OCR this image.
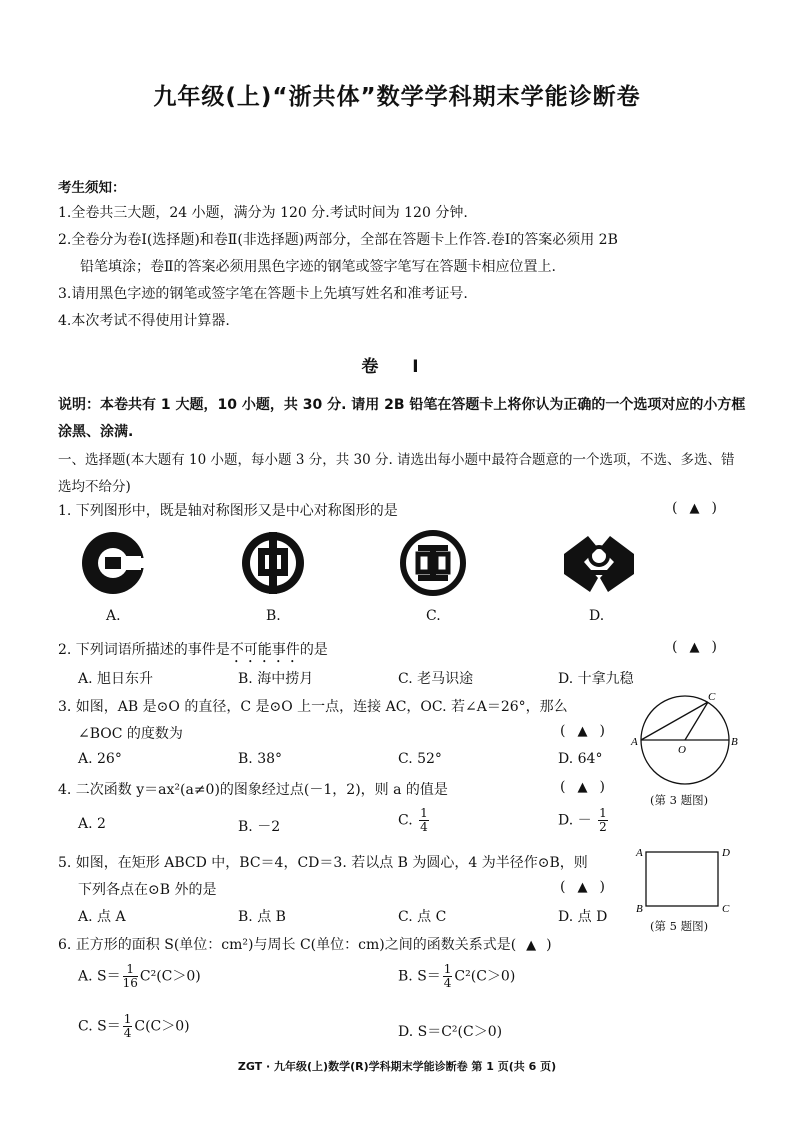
九年级(上)“浙共体”数学学科期末学能诊断卷
考生须知：
1.全卷共三大题，24 小题，满分为 120 分.考试时间为 120 分钟.
2.全卷分为卷Ⅰ(选择题)和卷Ⅱ(非选择题)两部分，全部在答题卡上作答.卷Ⅰ的答案必须用 2B
铅笔填涂；卷Ⅱ的答案必须用黑色字迹的钢笔或签字笔写在答题卡相应位置上.
3.请用黑色字迹的钢笔或签字笔在答题卡上先填写姓名和准考证号.
4.本次考试不得使用计算器.
卷 Ⅰ
说明：本卷共有 1 大题，10 小题，共 30 分. 请用 2B 铅笔在答题卡上将你认为正确的一个选项对应的小方框涂黑、涂满.
一、选择题(本大题有 10 小题，每小题 3 分，共 30 分. 请选出每小题中最符合题意的一个选项，不选、多选、错选均不给分)
1. 下列图形中，既是轴对称图形又是中心对称图形的是	( ▲ )
A.	B.	C.	D.
2. 下列词语所描述的事件是不可能事件的是	( ▲ )
A. 旭日东升	B. 海中捞月	C. 老马识途	D. 十拿九稳
3. 如图，AB 是⊙O 的直径，C 是⊙O 上一点，连接 AC，OC. 若∠A＝26°，那么
∠BOC 的度数为	( ▲ )
A. 26°	B. 38°	C. 52°	D. 64°
A	B
C
O
(第 3 题图)
4. 二次函数 y＝ax²(a≠0)的图象经过点(－1，2)，则 a 的值是	( ▲ )
A. 2	B. －2	C. $\frac{1}{4}$	D. － $\frac{1}{2}$
5. 如图，在矩形 ABCD 中，BC＝4，CD＝3. 若以点 B 为圆心，4 为半径作⊙B，则
下列各点在⊙B 外的是	( ▲ )
A. 点 A	B. 点 B	C. 点 C	D. 点 D
A	D
B	C
(第 5 题图)
6. 正方形的面积 S(单位：cm²)与周长 C(单位：cm)之间的函数关系式是( ▲ )
A. $S= \frac{1}{16} C^2(C>0)$	B. $S= \frac{1}{4} C^2(C>0)$
C. $S= \frac{1}{4} C(C>0)$	D. S＝C²(C＞0)
ZGT · 九年级(上)数学(R)学科期末学能诊断卷 第 1 页(共 6 页)
